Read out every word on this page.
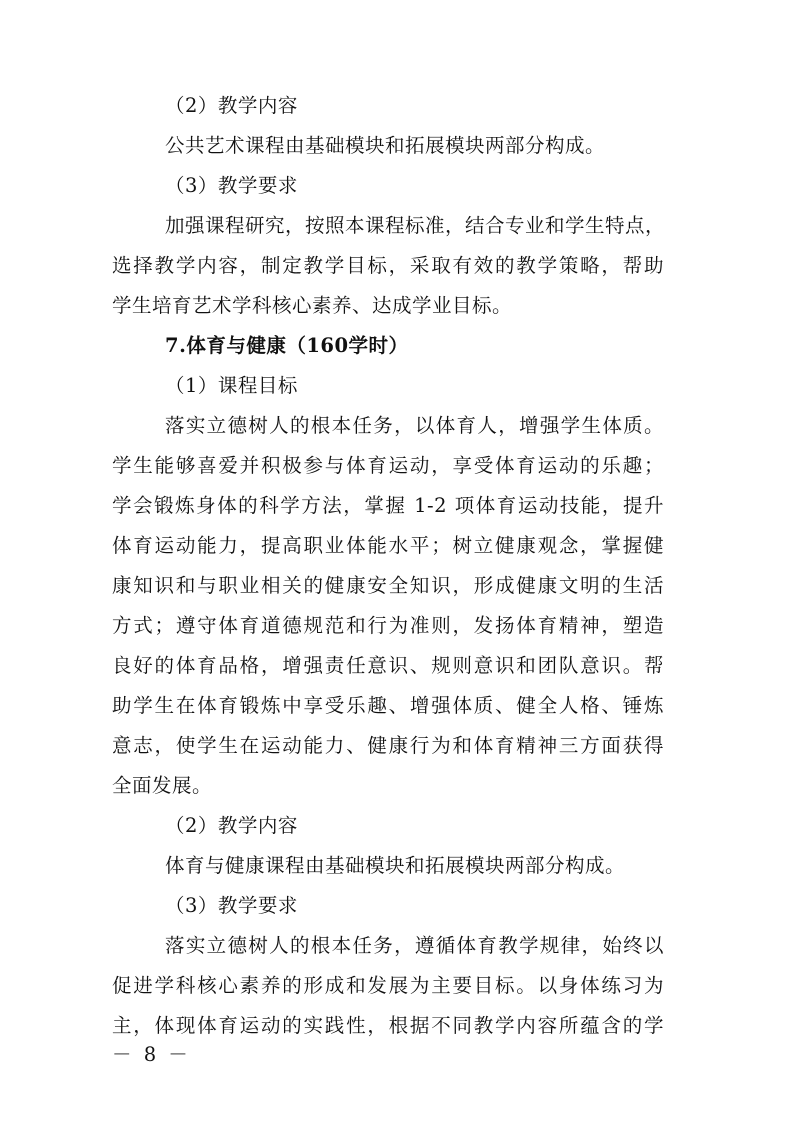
（2）教学内容
公共艺术课程由基础模块和拓展模块两部分构成。
（3）教学要求
加强课程研究，按照本课程标准，结合专业和学生特点，
选择教学内容，制定教学目标，采取有效的教学策略，帮助
学生培育艺术学科核心素养、达成学业目标。
7.体育与健康（160学时）
（1）课程目标
落实立德树人的根本任务，以体育人，增强学生体质。
学生能够喜爱并积极参与体育运动，享受体育运动的乐趣；
学会锻炼身体的科学方法，掌握 1-2 项体育运动技能，提升
体育运动能力，提高职业体能水平；树立健康观念，掌握健
康知识和与职业相关的健康安全知识，形成健康文明的生活
方式；遵守体育道德规范和行为准则，发扬体育精神，塑造
良好的体育品格，增强责任意识、规则意识和团队意识。帮
助学生在体育锻炼中享受乐趣、增强体质、健全人格、锤炼
意志，使学生在运动能力、健康行为和体育精神三方面获得
全面发展。
（2）教学内容
体育与健康课程由基础模块和拓展模块两部分构成。
（3）教学要求
落实立德树人的根本任务，遵循体育教学规律，始终以
促进学科核心素养的形成和发展为主要目标。以身体练习为
主，体现体育运动的实践性，根据不同教学内容所蕴含的学
－ 8 －
